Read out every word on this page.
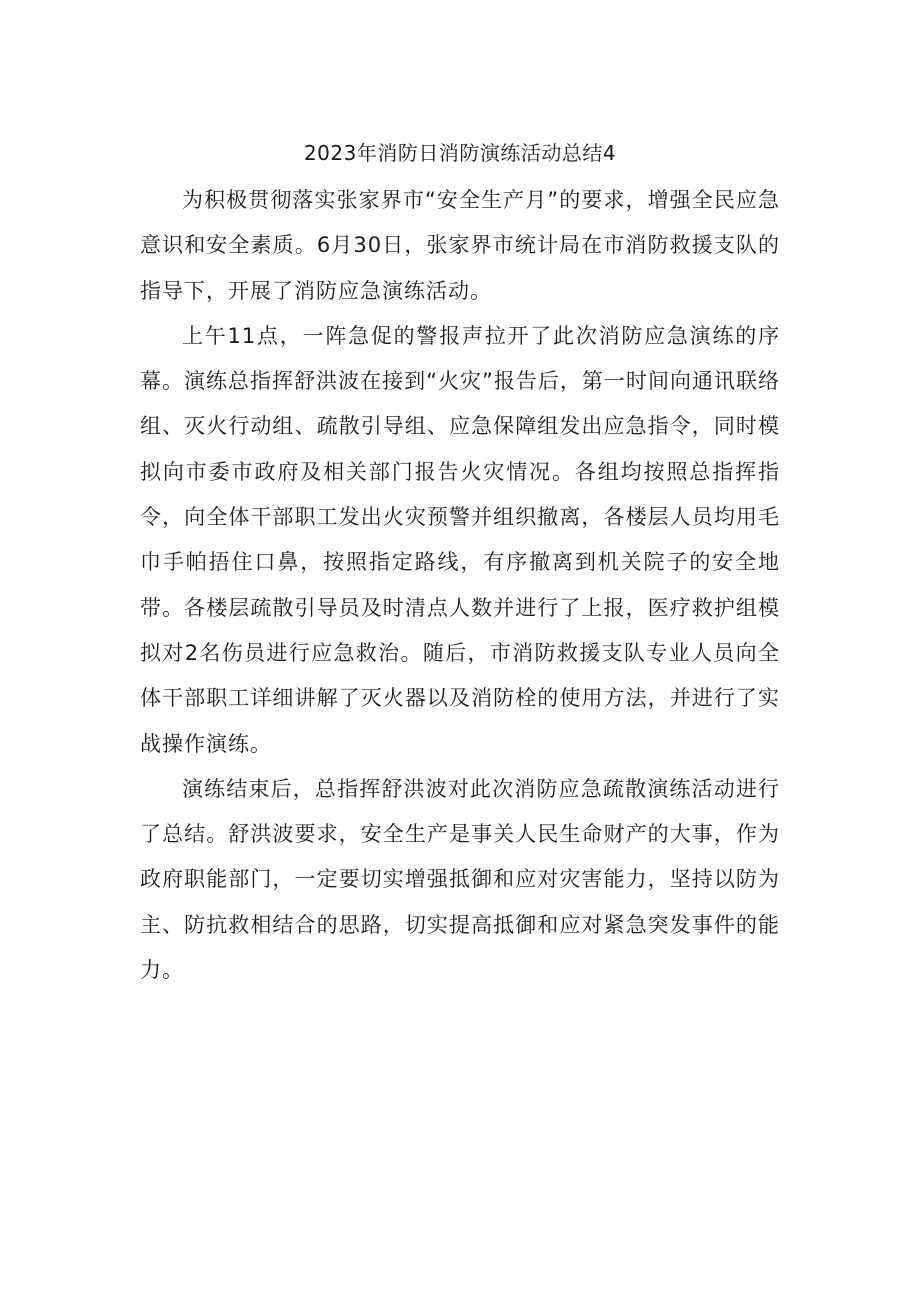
2023年消防日消防演练活动总结4

为积极贯彻落实张家界市“安全生产月”的要求，增强全民应急意识和安全素质。6月30日，张家界市统计局在市消防救援支队的指导下，开展了消防应急演练活动。

上午11点，一阵急促的警报声拉开了此次消防应急演练的序幕。演练总指挥舒洪波在接到“火灾”报告后，第一时间向通讯联络组、灭火行动组、疏散引导组、应急保障组发出应急指令，同时模拟向市委市政府及相关部门报告火灾情况。各组均按照总指挥指令，向全体干部职工发出火灾预警并组织撤离，各楼层人员均用毛巾手帕捂住口鼻，按照指定路线，有序撤离到机关院子的安全地带。各楼层疏散引导员及时清点人数并进行了上报，医疗救护组模拟对2名伤员进行应急救治。随后，市消防救援支队专业人员向全体干部职工详细讲解了灭火器以及消防栓的使用方法，并进行了实战操作演练。

演练结束后，总指挥舒洪波对此次消防应急疏散演练活动进行了总结。舒洪波要求，安全生产是事关人民生命财产的大事，作为政府职能部门，一定要切实增强抵御和应对灾害能力，坚持以防为主、防抗救相结合的思路，切实提高抵御和应对紧急突发事件的能力。
